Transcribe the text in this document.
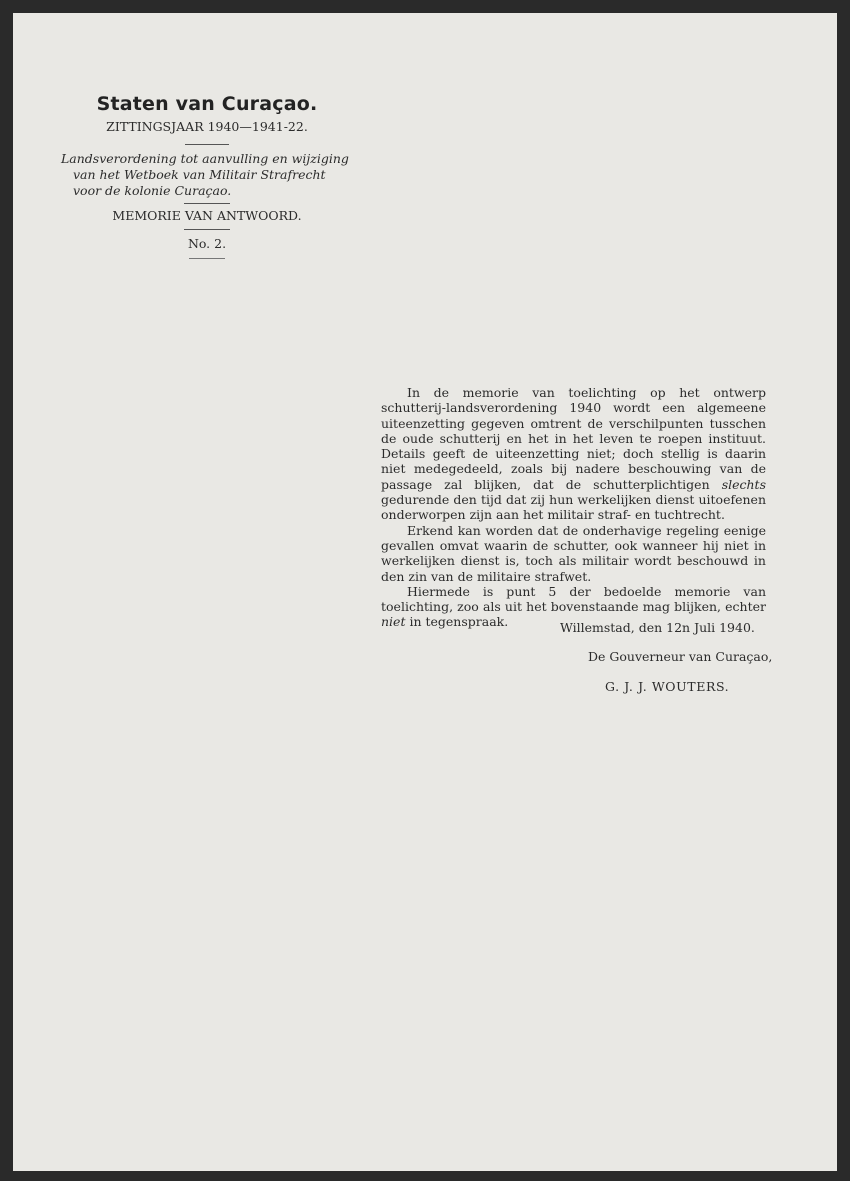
Staten van Curaçao.
ZITTINGSJAAR 1940—1941-22.
Landsverordening tot aanvulling en wijziging
van het Wetboek van Militair Strafrecht
voor de kolonie Curaçao.
MEMORIE VAN ANTWOORD.
No. 2.

In de memorie van toelichting op het ontwerp schutterij-landsverordening 1940 wordt een algemeene uiteenzetting gegeven omtrent de verschilpunten tusschen de oude schutterij en het in het leven te roepen instituut. Details geeft de uiteenzetting niet; doch stellig is daarin niet medegedeeld, zoals bij nadere beschouwing van de passage zal blijken, dat de schutterplichtigen slechts gedurende den tijd dat zij hun werkelijken dienst uitoefenen onderworpen zijn aan het militair straf- en tuchtrecht.

Erkend kan worden dat de onderhavige regeling eenige gevallen omvat waarin de schutter, ook wanneer hij niet in werkelijken dienst is, toch als militair wordt beschouwd in den zin van de militaire strafwet.

Hiermede is punt 5 der bedoelde memorie van toelichting, zoo als uit het bovenstaande mag blijken, echter niet in tegenspraak.	Willemstad, den 12n Juli 1940.
De Gouverneur van Curaçao,
G. J. J. WOUTERS.
